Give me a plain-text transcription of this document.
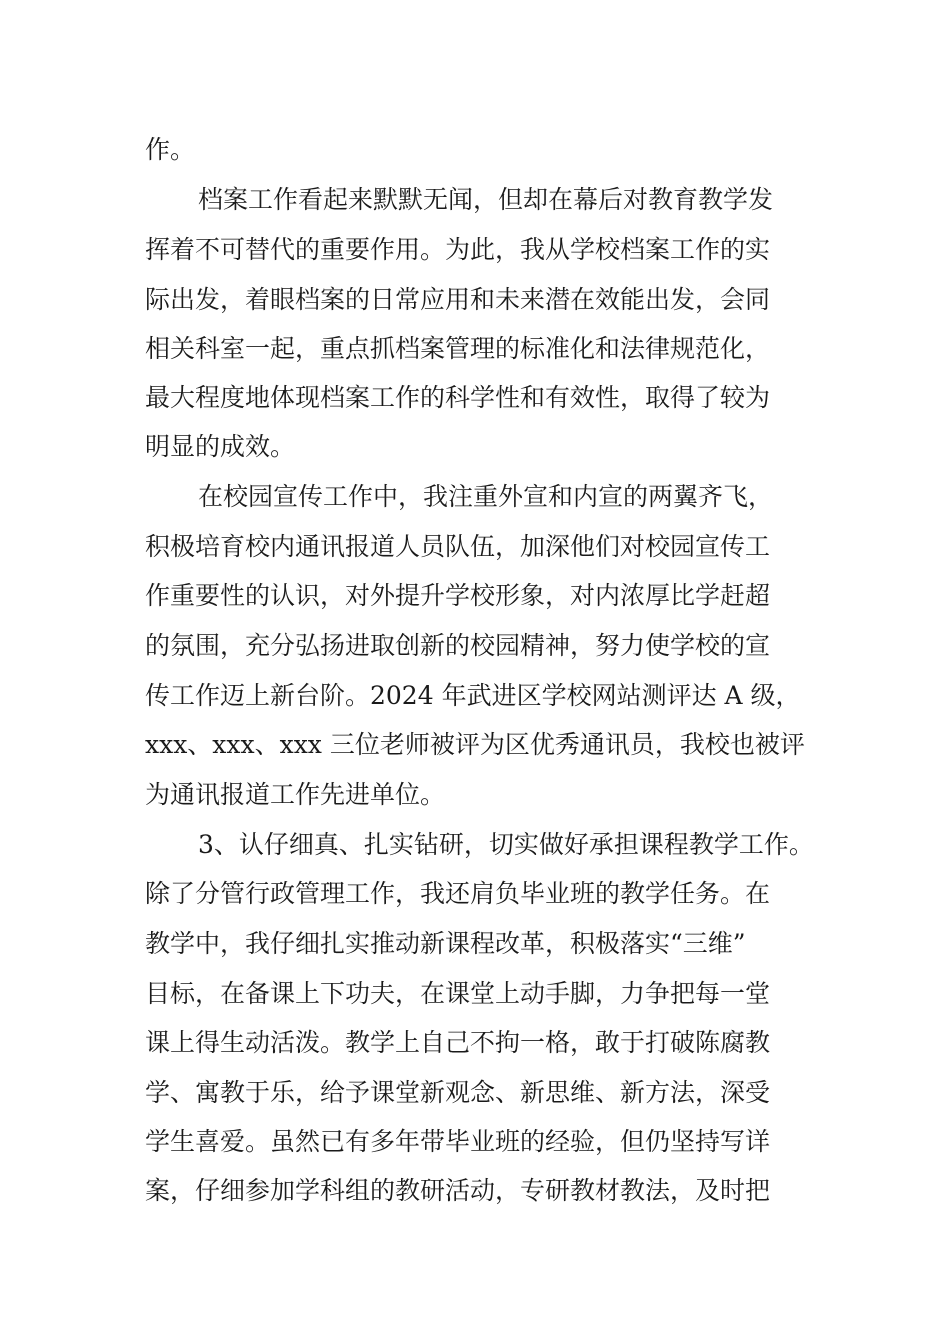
作。
档案工作看起来默默无闻，但却在幕后对教育教学发
挥着不可替代的重要作用。为此，我从学校档案工作的实
际出发，着眼档案的日常应用和未来潜在效能出发，会同
相关科室一起，重点抓档案管理的标准化和法律规范化，
最大程度地体现档案工作的科学性和有效性，取得了较为
明显的成效。
在校园宣传工作中，我注重外宣和内宣的两翼齐飞，
积极培育校内通讯报道人员队伍，加深他们对校园宣传工
作重要性的认识，对外提升学校形象，对内浓厚比学赶超
的氛围，充分弘扬进取创新的校园精神，努力使学校的宣
传工作迈上新台阶。2024 年武进区学校网站测评达 A 级，
xxx、xxx、xxx 三位老师被评为区优秀通讯员，我校也被评
为通讯报道工作先进单位。
3、认仔细真、扎实钻研，切实做好承担课程教学工作。
除了分管行政管理工作，我还肩负毕业班的教学任务。在
教学中，我仔细扎实推动新课程改革，积极落实“三维”
目标，在备课上下功夫，在课堂上动手脚，力争把每一堂
课上得生动活泼。教学上自己不拘一格，敢于打破陈腐教
学、寓教于乐，给予课堂新观念、新思维、新方法，深受
学生喜爱。虽然已有多年带毕业班的经验，但仍坚持写详
案，仔细参加学科组的教研活动，专研教材教法，及时把
